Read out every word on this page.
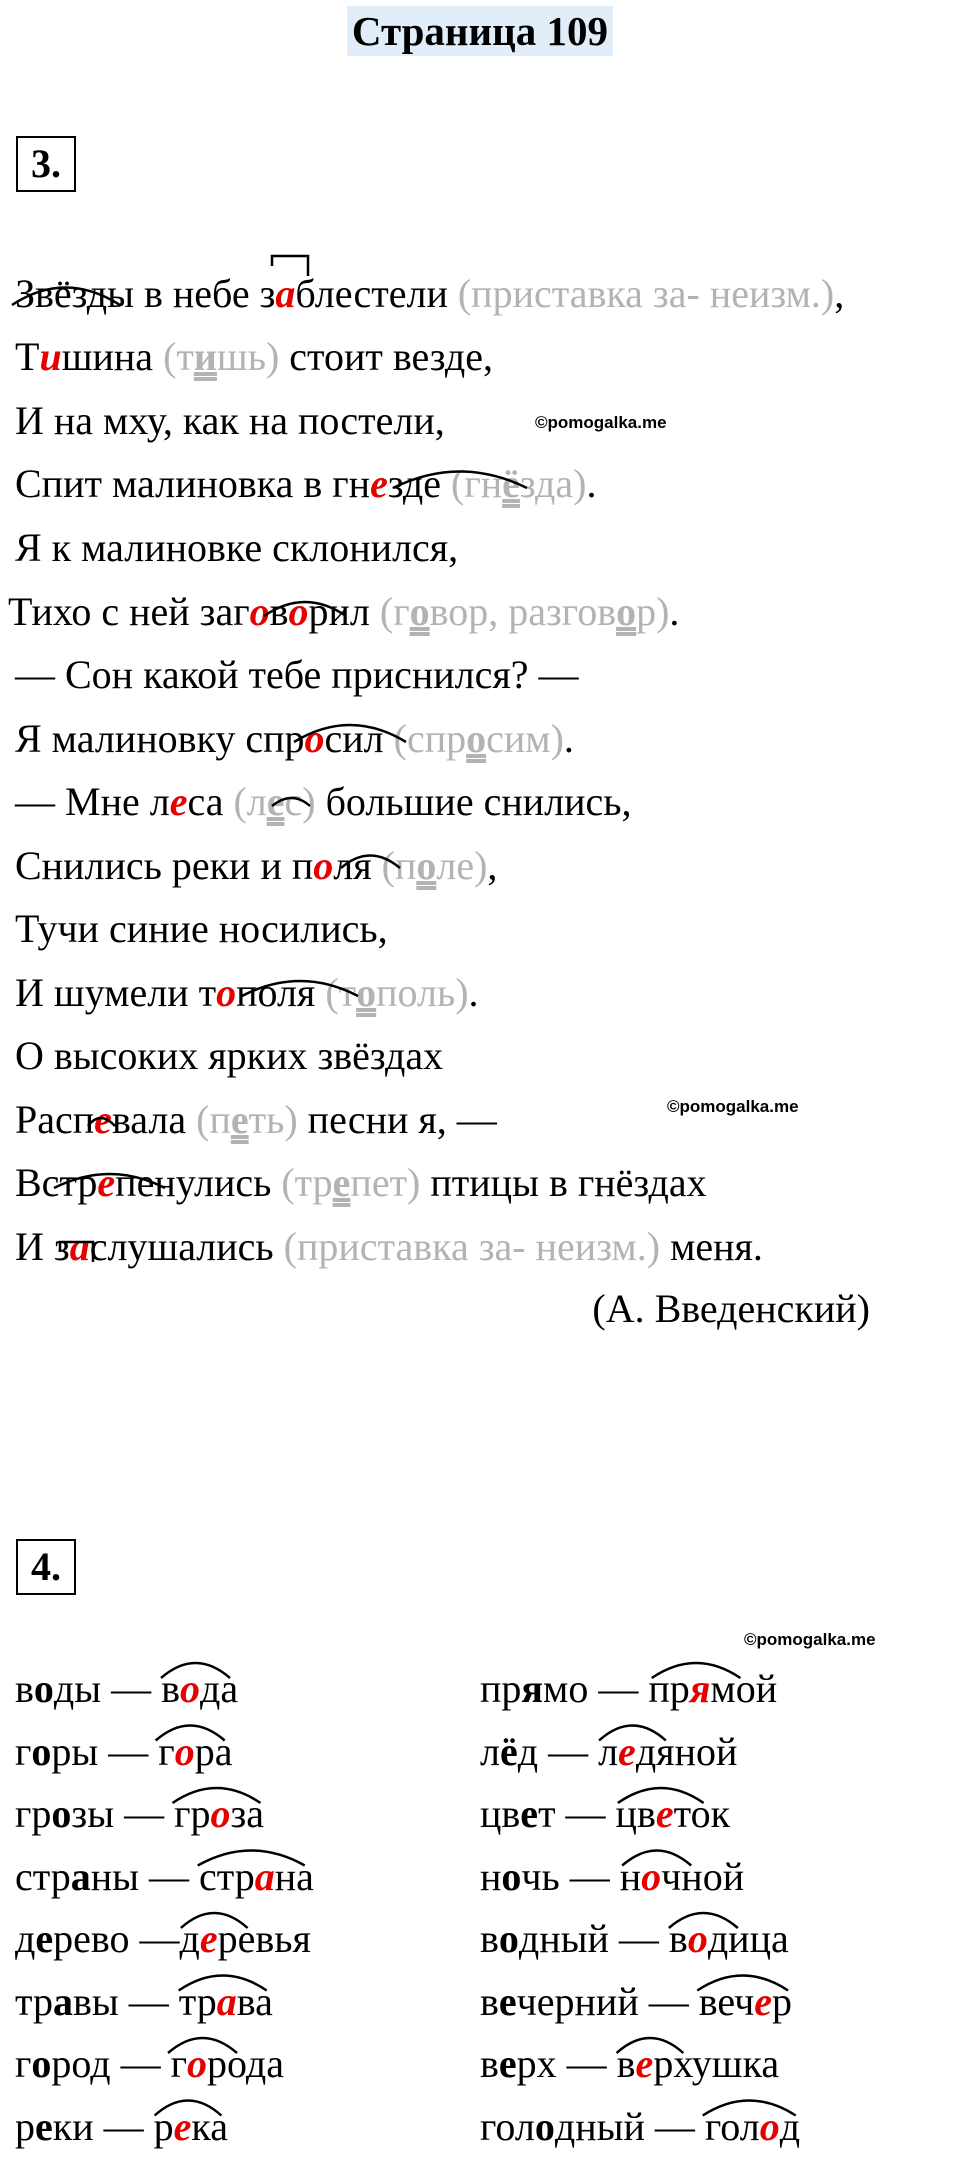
Страница 109
3.
Звёзды в небе заблестели (приставка за- неизм.),
Тишина (тишь) стоит везде,
И на мху, как на постели,
Спит малиновка в гнезде (гнёзда).
Я к малиновке склонился,
Тихо с ней заговорил (говор, разговор).
— Сон какой тебе приснился? —
Я малиновку спросил (спросим).
— Мне леса (лес) большие снились,
Снились реки и поля (поле),
Тучи синие носились,
И шумели тополя (тополь).
О высоких ярких звёздах
Распевала (петь) песни я, —
Встрепенулись (трепет) птицы в гнёздах
И заслушались (приставка за- неизм.) меня.
(А. Введенский)
©pomogalka.me
©pomogalka.me
4.
©pomogalka.me
воды — вода
горы — гора
грозы — гроза
страны — страна
дерево —деревья
травы — трава
город — города
реки — река
прямо — прямой
лёд — ледяной
цвет — цветок
ночь — ночной
водный — водица
вечерний — вечер
верх — верхушка
голодный — голод
